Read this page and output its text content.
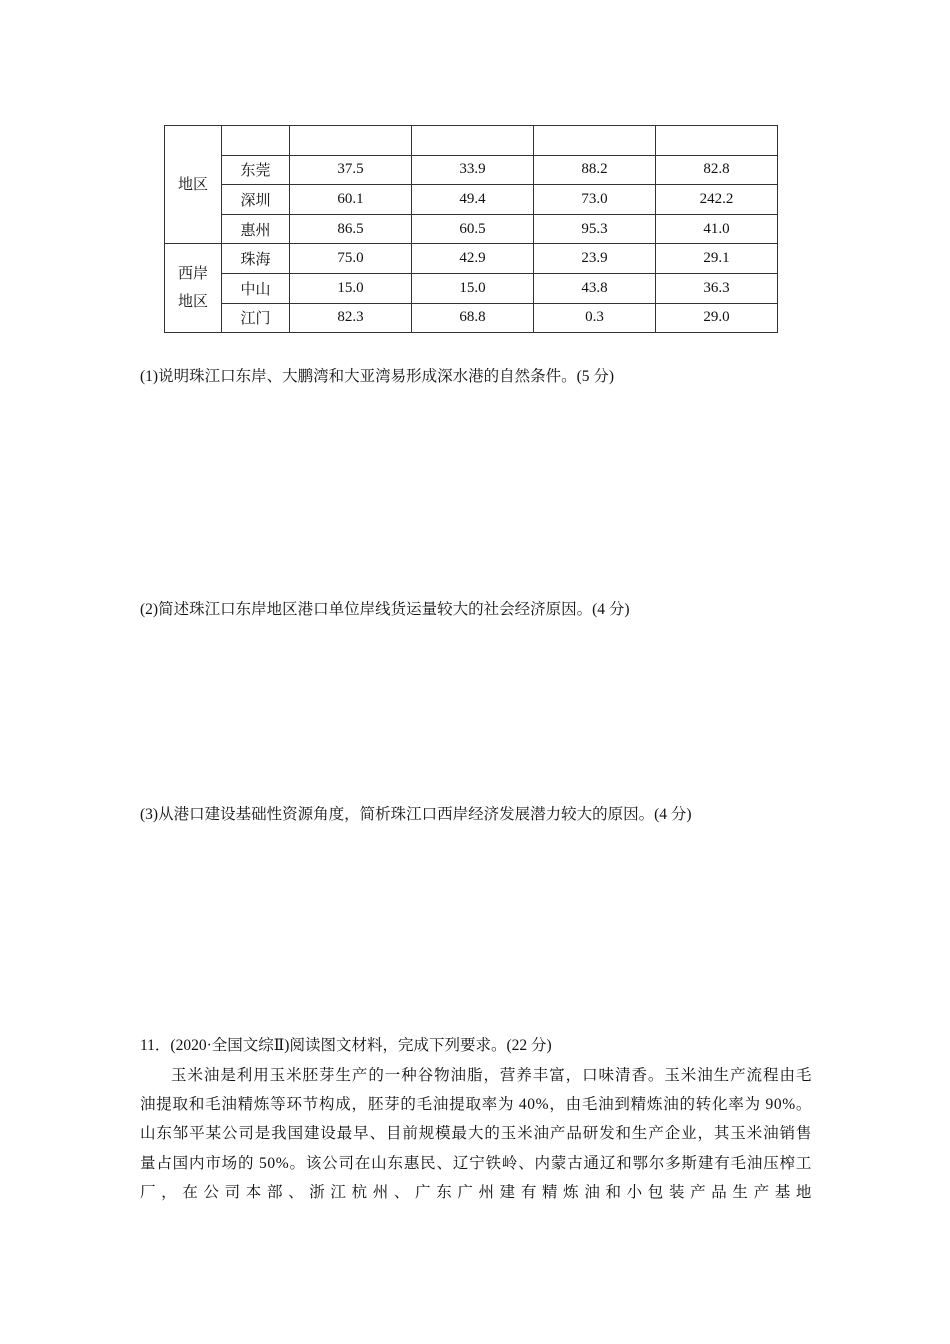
地区					
	东莞	37.5	33.9	88.2	82.8
	深圳	60.1	49.4	73.0	242.2
	惠州	86.5	60.5	95.3	41.0
西岸
地区	珠海	75.0	42.9	23.9	29.1
	中山	15.0	15.0	43.8	36.3
	江门	82.3	68.8	0.3	29.0

(1)说明珠江口东岸、大鹏湾和大亚湾易形成深水港的自然条件。(5 分)

(2)简述珠江口东岸地区港口单位岸线货运量较大的社会经济原因。(4 分)

(3)从港口建设基础性资源角度，简析珠江口西岸经济发展潜力较大的原因。(4 分)

11．(2020·全国文综Ⅱ)阅读图文材料，完成下列要求。(22 分)

玉米油是利用玉米胚芽生产的一种谷物油脂，营养丰富，口味清香。玉米油生产流程由毛油提取和毛油精炼等环节构成，胚芽的毛油提取率为 40%，由毛油到精炼油的转化率为 90%。山东邹平某公司是我国建设最早、目前规模最大的玉米油产品研发和生产企业，其玉米油销售量占国内市场的 50%。该公司在山东惠民、辽宁铁岭、内蒙古通辽和鄂尔多斯建有毛油压榨工厂，在公司本部、浙江杭州、广东广州建有精炼油和小包装产品生产基地
